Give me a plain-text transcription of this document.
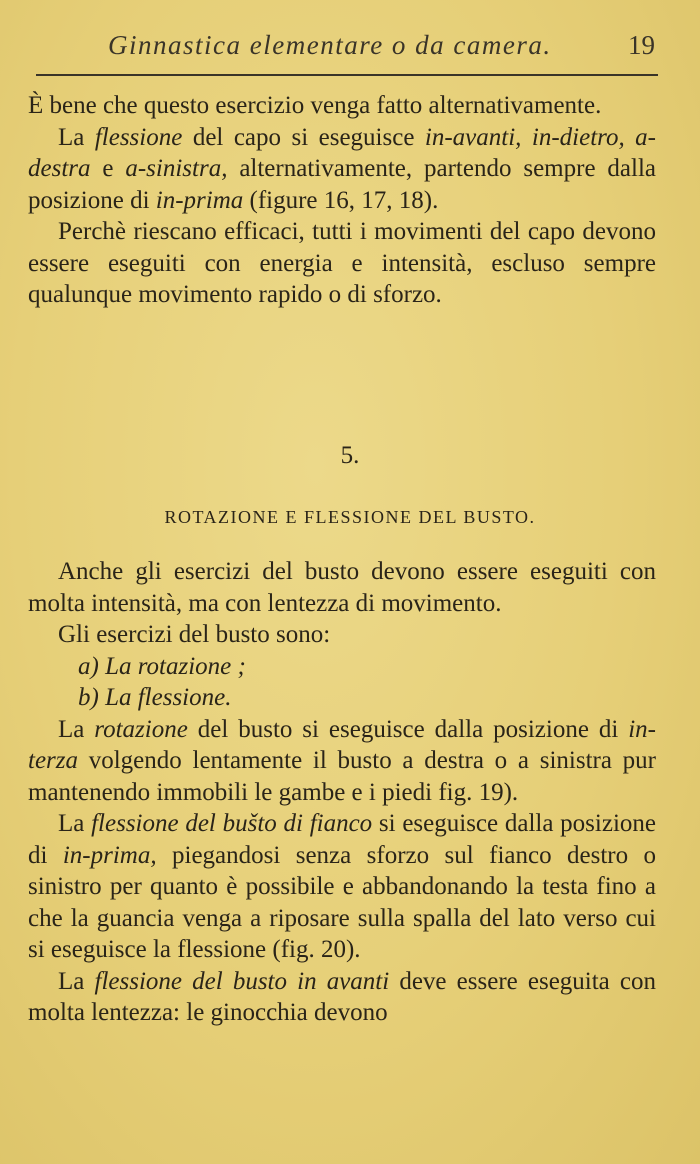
Ginnastica elementare o da camera.	19

È bene che questo esercizio venga fatto alternativamente.

La flessione del capo si eseguisce in-avanti, in-dietro, a-destra e a-sinistra, alternativamente, partendo sempre dalla posizione di in-prima (figure 16, 17, 18).

Perchè riescano efficaci, tutti i movimenti del capo devono essere eseguiti con energia e intensità, escluso sempre qualunque movimento rapido o di sforzo.

5.
ROTAZIONE E FLESSIONE DEL BUSTO.

Anche gli esercizi del busto devono essere eseguiti con molta intensità, ma con lentezza di movimento.

Gli esercizi del busto sono:

a) La rotazione ;

b) La flessione.

La rotazione del busto si eseguisce dalla posizione di in-terza volgendo lentamente il busto a destra o a sinistra pur mantenendo immobili le gambe e i piedi fig. 19).

La flessione del bušto di fianco si eseguisce dalla posizione di in-prima, piegandosi senza sforzo sul fianco destro o sinistro per quanto è possibile e abbandonando la testa fino a che la guancia venga a riposare sulla spalla del lato verso cui si eseguisce la flessione (fig. 20).

La flessione del busto in avanti deve essere eseguita con molta lentezza: le ginocchia devono
